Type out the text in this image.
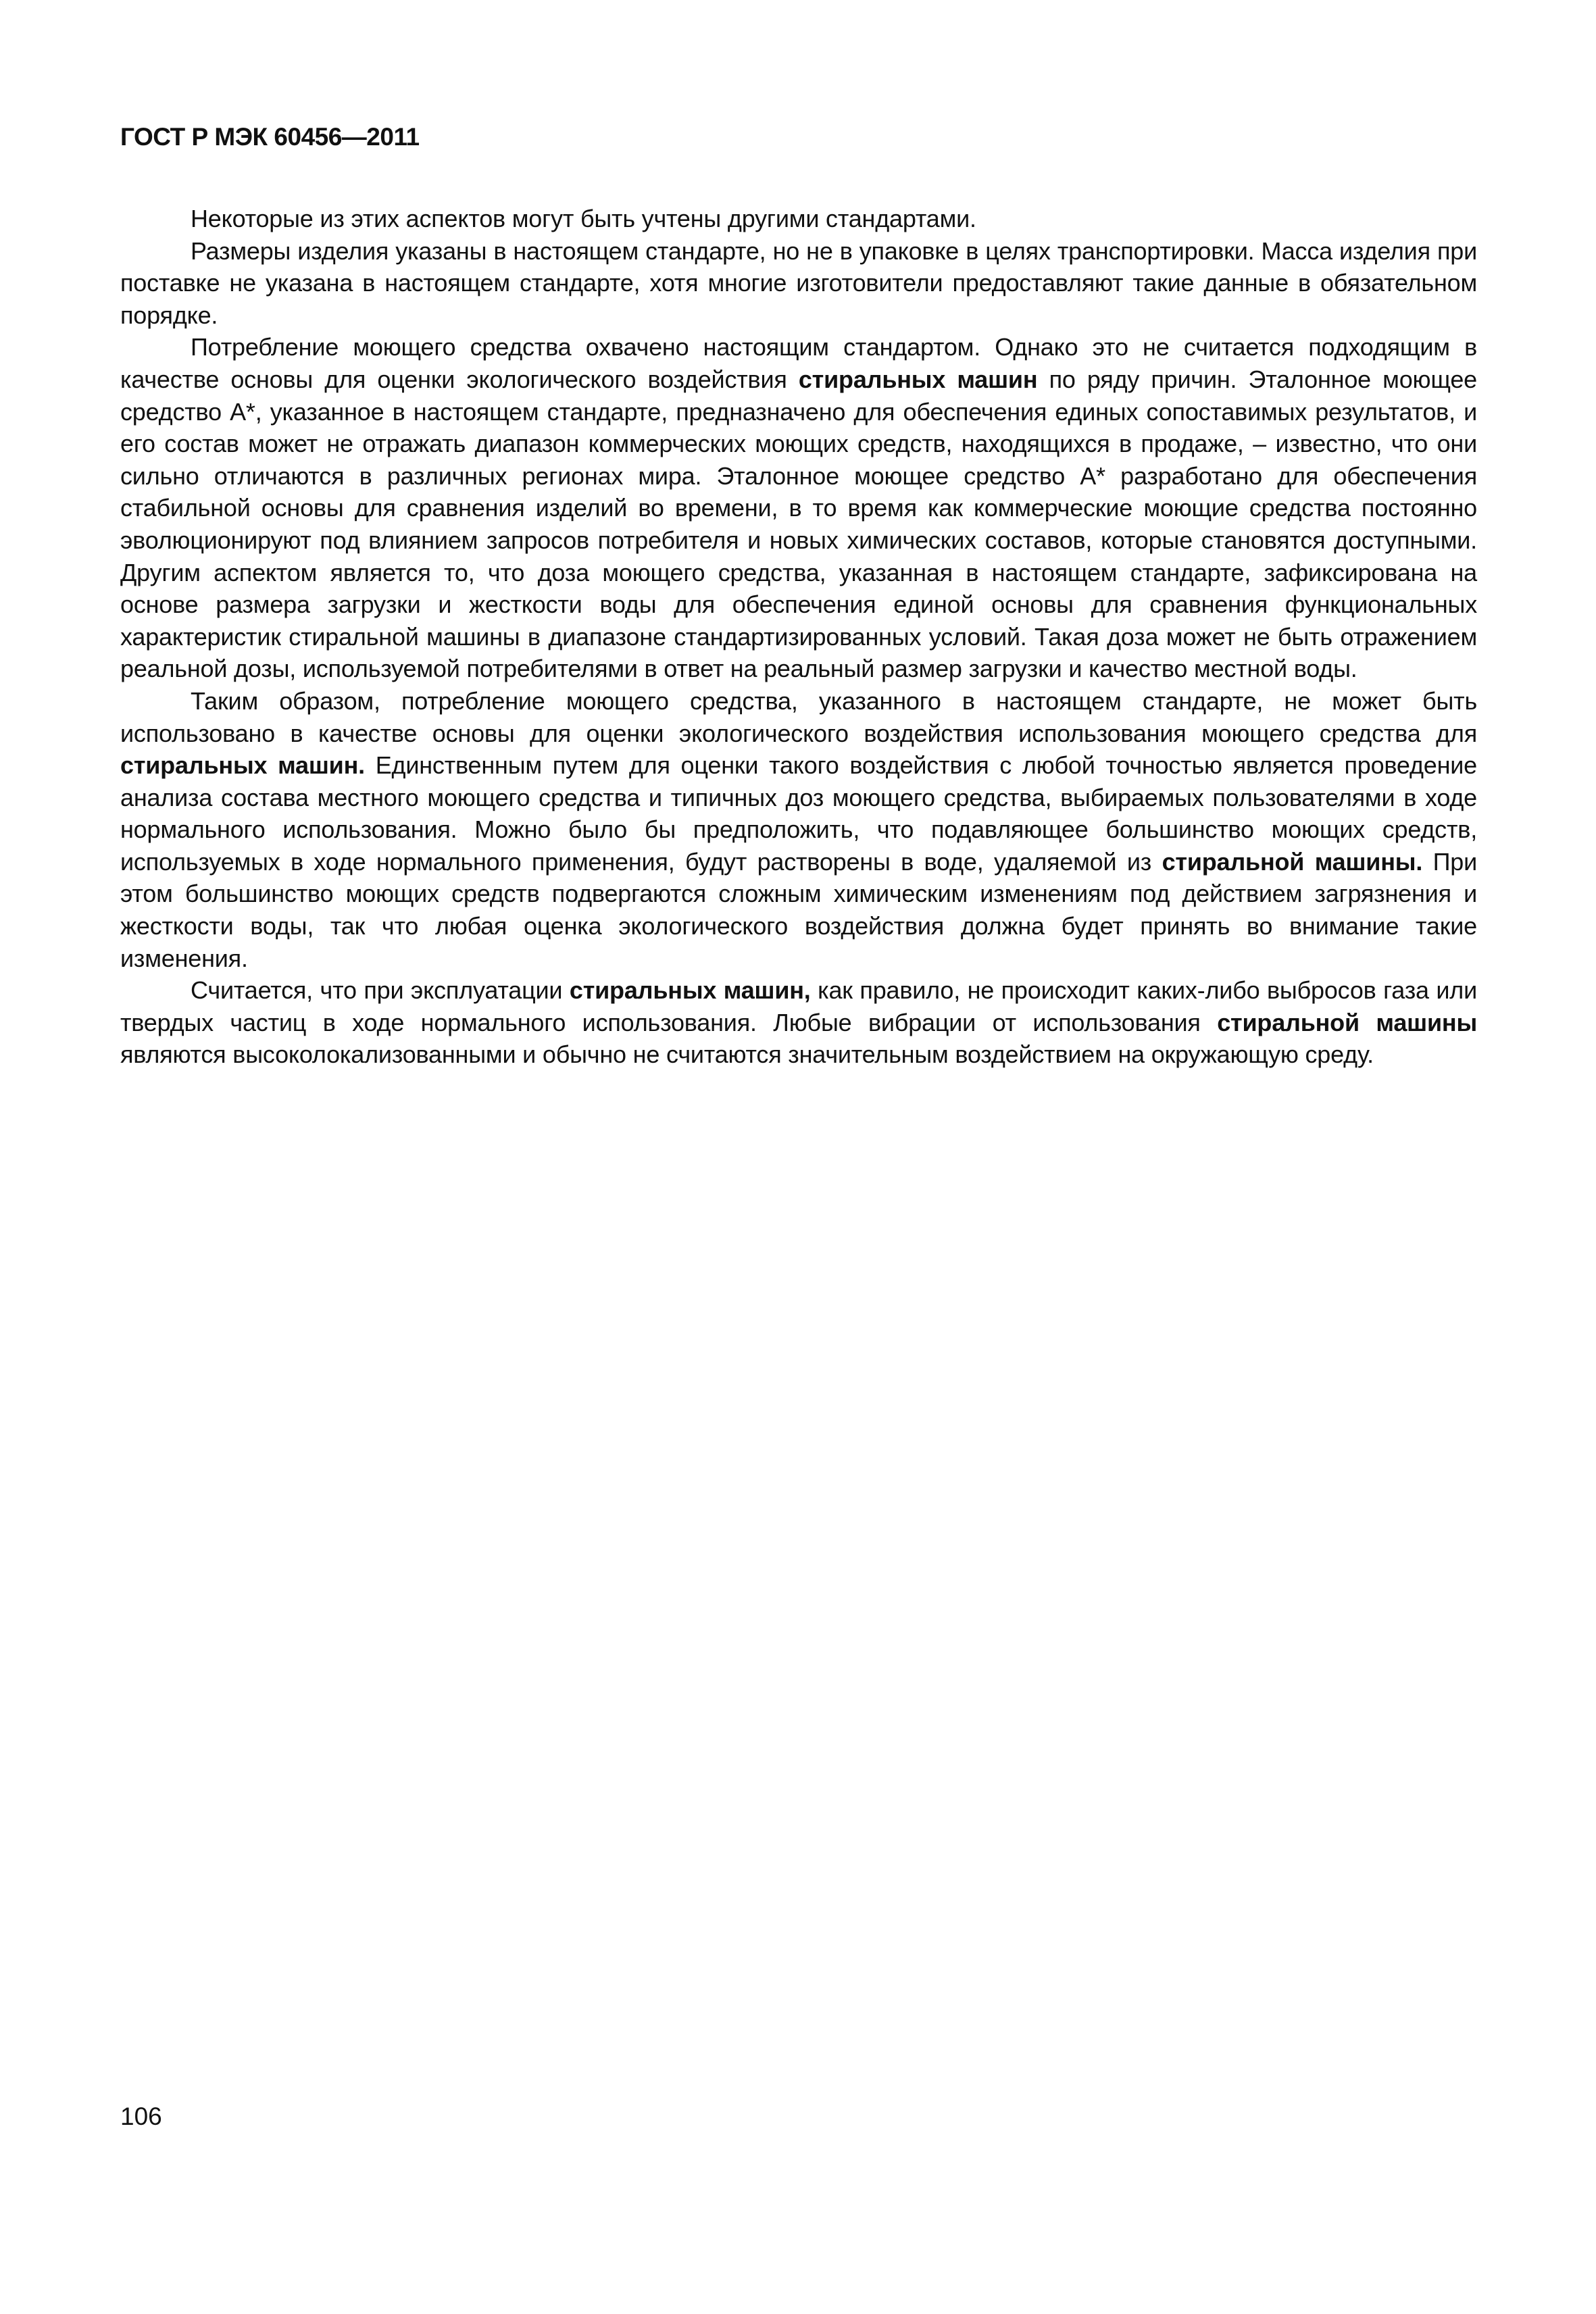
ГОСТ Р МЭК 60456—2011

Некоторые из этих аспектов могут быть учтены другими стандартами.

Размеры изделия указаны в настоящем стандарте, но не в упаковке в целях транспортировки. Масса изделия при поставке не указана в настоящем стандарте, хотя многие изготовители предоставляют такие данные в обязательном порядке.

Потребление моющего средства охвачено настоящим стандартом. Однако это не считается подходящим в качестве основы для оценки экологического воздействия стиральных машин по ряду причин. Эталонное моющее средство А*, указанное в настоящем стандарте, предназначено для обеспечения единых сопоставимых результатов, и его состав может не отражать диапазон коммерческих моющих средств, находящихся в продаже, – известно, что они сильно отличаются в различных регионах мира. Эталонное моющее средство А* разработано для обеспечения стабильной основы для сравнения изделий во времени, в то время как коммерческие моющие средства постоянно эволюционируют под влиянием запросов потребителя и новых химических составов, которые становятся доступными. Другим аспектом является то, что доза моющего средства, указанная в настоящем стандарте, зафиксирована на основе размера загрузки и жесткости воды для обеспечения единой основы для сравнения функциональных характеристик стиральной машины в диапазоне стандартизированных условий. Такая доза может не быть отражением реальной дозы, используемой потребителями в ответ на реальный размер загрузки и качество местной воды.

Таким образом, потребление моющего средства, указанного в настоящем стандарте, не может быть использовано в качестве основы для оценки экологического воздействия использования моющего средства для стиральных машин. Единственным путем для оценки такого воздействия с любой точностью является проведение анализа состава местного моющего средства и типичных доз моющего средства, выбираемых пользователями в ходе нормального использования. Можно было бы предположить, что подавляющее большинство моющих средств, используемых в ходе нормального применения, будут растворены в воде, удаляемой из стиральной машины. При этом большинство моющих средств подвергаются сложным химическим изменениям под действием загрязнения и жесткости воды, так что любая оценка экологического воздействия должна будет принять во внимание такие изменения.

Считается, что при эксплуатации стиральных машин, как правило, не происходит каких-либо выбросов газа или твердых частиц в ходе нормального использования. Любые вибрации от использования стиральной машины являются высоколокализованными и обычно не считаются значительным воздействием на окружающую среду.

106
